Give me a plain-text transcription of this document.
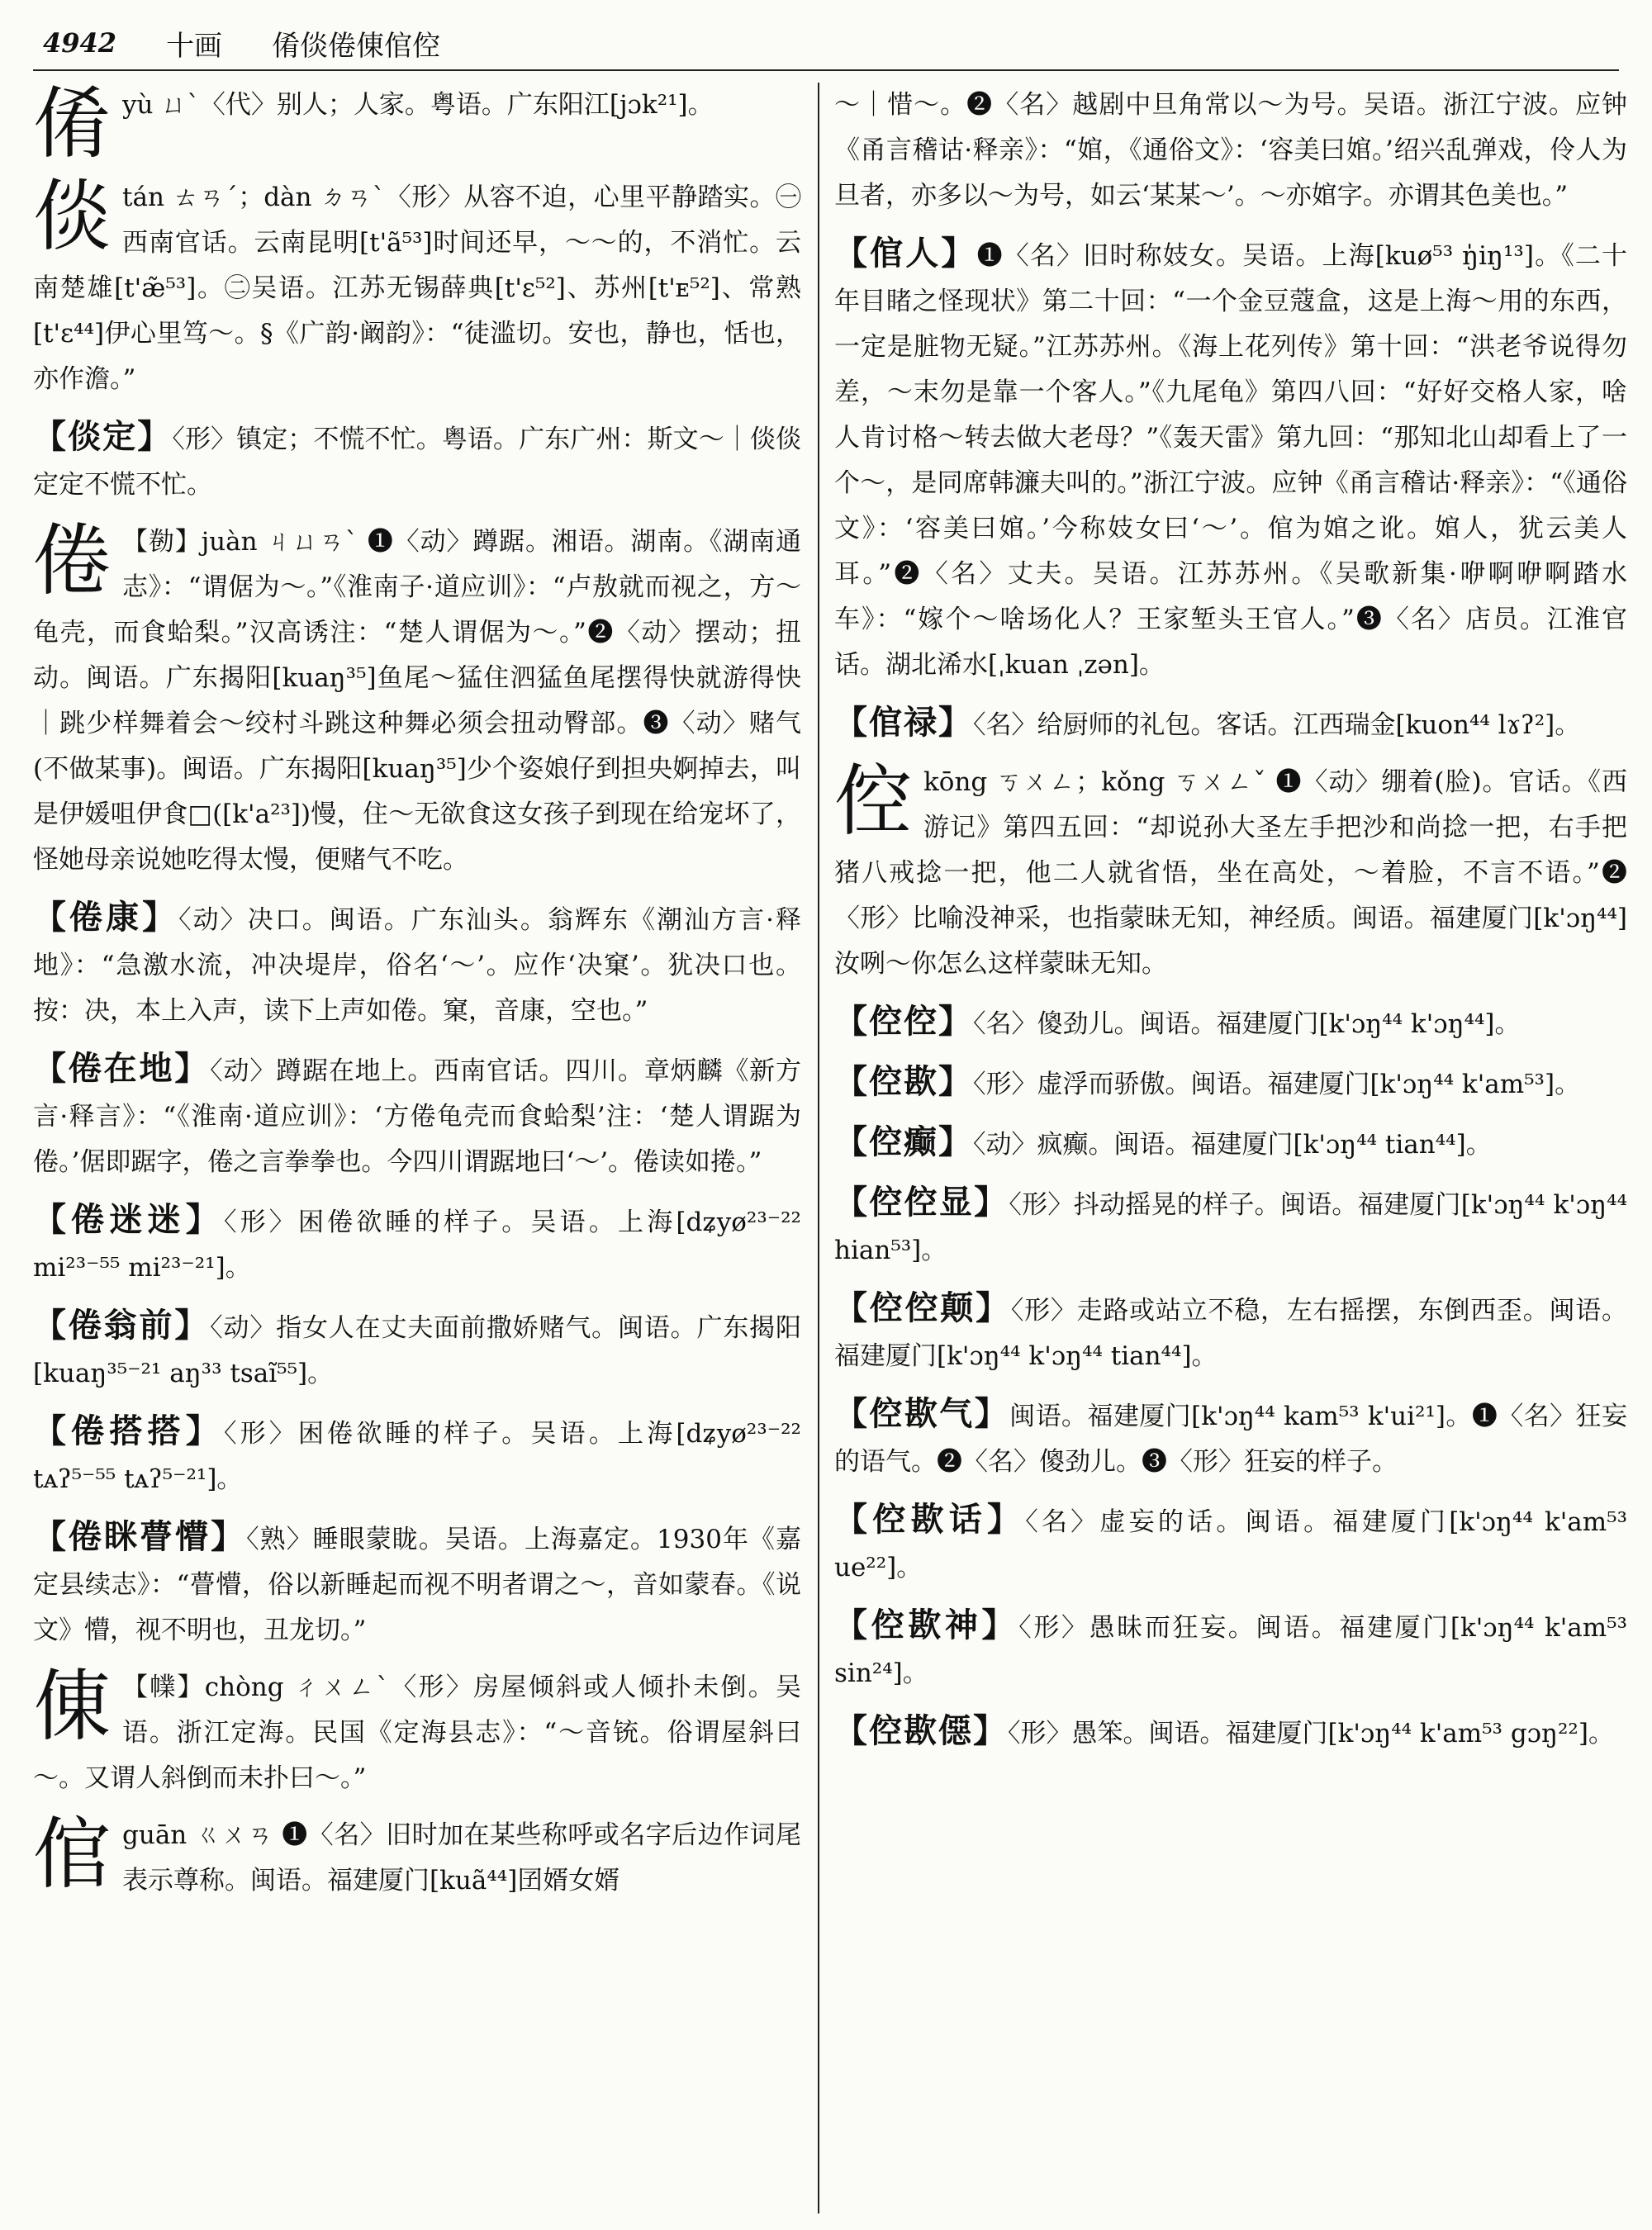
4942 十画 倄倓倦倲倌倥
倄yù ㄩˋ〈代〉别人；人家。粤语。广东阳江[jɔk²¹]。
倓tán ㄊㄢˊ；dàn ㄉㄢˋ〈形〉从容不迫，心里平静踏实。㊀西南官话。云南昆明[t'ã⁵³]时间还早，～～的，不消忙。云南楚雄[t'æ̃⁵³]。㊁吴语。江苏无锡薛典[t'ɛ⁵²]、苏州[t'ᴇ⁵²]、常熟[t'ɛ⁴⁴]伊心里笃～。§《广韵·阚韵》：“徒滥切。安也，静也，恬也，亦作澹。”
【倓定】〈形〉镇定；不慌不忙。粤语。广东广州：斯文～｜倓倓定定不慌不忙。
倦 【勌】juàn ㄐㄩㄢˋ ❶〈动〉蹲踞。湘语。湖南。《湖南通志》：“谓倨为～。”《淮南子·道应训》：“卢敖就而视之，方～龟壳，而食蛤梨。”汉高诱注：“楚人谓倨为～。”❷〈动〉摆动；扭动。闽语。广东揭阳[kuaŋ³⁵]鱼尾～猛住泗猛鱼尾摆得快就游得快｜跳少样舞着会～绞村斗跳这种舞必须会扭动臀部。❸〈动〉赌气(不做某事)。闽语。广东揭阳[kuaŋ³⁵]少个姿娘仔到担央婀掉去，叫是伊媛咀伊食□([k'a²³])慢，住～无欲食这女孩子到现在给宠坏了，怪她母亲说她吃得太慢，便赌气不吃。
【倦康】〈动〉决口。闽语。广东汕头。翁辉东《潮汕方言·释地》：“急激水流，冲决堤岸，俗名‘～’。应作‘决窠’。犹决口也。按：决，本上入声，读下上声如倦。窠，音康，空也。”
【倦在地】〈动〉蹲踞在地上。西南官话。四川。章炳麟《新方言·释言》：“《淮南·道应训》：‘方倦龟壳而食蛤梨’注：‘楚人谓踞为倦。’倨即踞字，倦之言拳拳也。今四川谓踞地曰‘～’。倦读如捲。”
【倦迷迷】〈形〉困倦欲睡的样子。吴语。上海[dʑyø²³⁻²² mi²³⁻⁵⁵ mi²³⁻²¹]。
【倦翁前】〈动〉指女人在丈夫面前撒娇赌气。闽语。广东揭阳[kuaŋ³⁵⁻²¹ aŋ³³ tsaĩ⁵⁵]。
【倦搭搭】〈形〉困倦欲睡的样子。吴语。上海[dʑyø²³⁻²² tᴀʔ⁵⁻⁵⁵ tᴀʔ⁵⁻²¹]。
【倦眯瞢懵】〈熟〉睡眼蒙眬。吴语。上海嘉定。1930年《嘉定县续志》：“瞢懵，俗以新睡起而视不明者谓之～，音如蒙春。《说文》懵，视不明也，丑龙切。”
倲 【㡤】chòng ㄔㄨㄥˋ〈形〉房屋倾斜或人倾扑未倒。吴语。浙江定海。民国《定海县志》：“～音铳。俗谓屋斜曰～。又谓人斜倒而未扑曰～。”
倌guān ㄍㄨㄢ ❶〈名〉旧时加在某些称呼或名字后边作词尾表示尊称。闽语。福建厦门[kuã⁴⁴]囝婿女婿
～｜惜～。❷〈名〉越剧中旦角常以～为号。吴语。浙江宁波。应钟《甬言稽诂·释亲》：“婠，《通俗文》：‘容美曰婠。’绍兴乱弹戏，伶人为旦者，亦多以～为号，如云‘某某～’。～亦婠字。亦谓其色美也。”
【倌人】❶〈名〉旧时称妓女。吴语。上海[kuø⁵³ ŋ̍iŋ¹³]。《二十年目睹之怪现状》第二十回：“一个金豆蔻盒，这是上海～用的东西，一定是脏物无疑。”江苏苏州。《海上花列传》第十回：“洪老爷说得勿差，～末勿是靠一个客人。”《九尾龟》第四八回：“好好交格人家，啥人肯讨格～转去做大老母？”《轰天雷》第九回：“那知北山却看上了一个～，是同席韩濂夫叫的。”浙江宁波。应钟《甬言稽诂·释亲》：“《通俗文》：‘容美曰婠。’今称妓女曰‘～’。倌为婠之讹。婠人，犹云美人耳。”❷〈名〉丈夫。吴语。江苏苏州。《吴歌新集·咿啊咿啊踏水车》：“嫁个～啥场化人？王家堑头王官人。”❸〈名〉店员。江淮官话。湖北浠水[ˌkuan ˌzən]。
【倌禄】〈名〉给厨师的礼包。客话。江西瑞金[kuon⁴⁴ lɤʔ²]。
倥kōng ㄎㄨㄥ；kǒng ㄎㄨㄥˇ ❶〈动〉绷着(脸)。官话。《西游记》第四五回：“却说孙大圣左手把沙和尚捻一把，右手把猪八戒捻一把，他二人就省悟，坐在高处，～着脸，不言不语。”❷〈形〉比喻没神采，也指蒙昧无知，神经质。闽语。福建厦门[k'ɔŋ⁴⁴]汝咧～你怎么这样蒙昧无知。
【倥倥】〈名〉傻劲儿。闽语。福建厦门[k'ɔŋ⁴⁴ k'ɔŋ⁴⁴]。
【倥歁】〈形〉虚浮而骄傲。闽语。福建厦门[k'ɔŋ⁴⁴ k'am⁵³]。
【倥癫】〈动〉疯癫。闽语。福建厦门[k'ɔŋ⁴⁴ tian⁴⁴]。
【倥倥显】〈形〉抖动摇晃的样子。闽语。福建厦门[k'ɔŋ⁴⁴ k'ɔŋ⁴⁴ hian⁵³]。
【倥倥颠】〈形〉走路或站立不稳，左右摇摆，东倒西歪。闽语。福建厦门[k'ɔŋ⁴⁴ k'ɔŋ⁴⁴ tian⁴⁴]。
【倥歁气】闽语。福建厦门[k'ɔŋ⁴⁴ kam⁵³ k'ui²¹]。❶〈名〉狂妄的语气。❷〈名〉傻劲儿。❸〈形〉狂妄的样子。
【倥歁话】〈名〉虚妄的话。闽语。福建厦门[k'ɔŋ⁴⁴ k'am⁵³ ue²²]。
【倥歁神】〈形〉愚昧而狂妄。闽语。福建厦门[k'ɔŋ⁴⁴ k'am⁵³ sin²⁴]。
【倥歁僫】〈形〉愚笨。闽语。福建厦门[k'ɔŋ⁴⁴ k'am⁵³ gɔŋ²²]。
